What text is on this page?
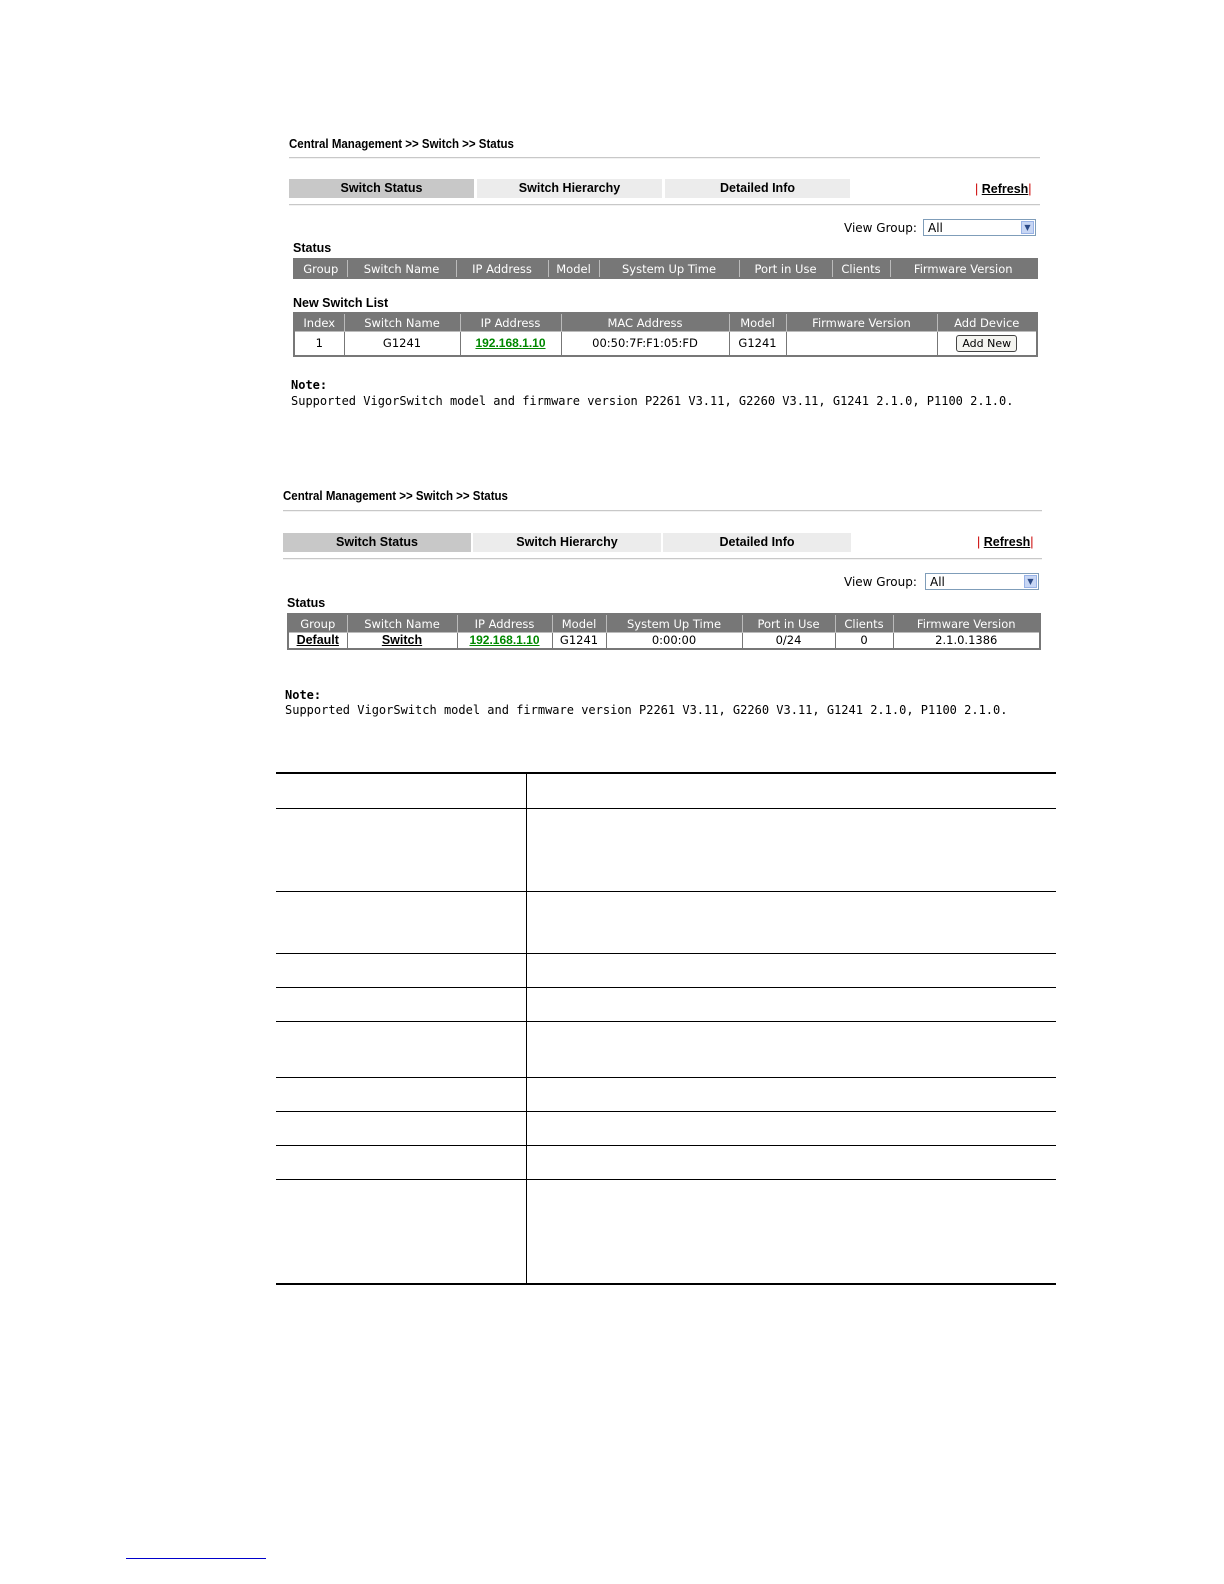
Central Management >> Switch >> Status
Switch Status	Switch Hierarchy	Detailed Info	| Refresh|
View Group: All	▼
Status
Group	Switch Name	IP Address	Model	System Up Time	Port in Use	Clients	Firmware Version
New Switch List
Index	Switch Name	IP Address	MAC Address	Model	Firmware Version	Add Device
1	G1241	192.168.1.10	00:50:7F:F1:05:FD	G1241		Add New
Note:
Supported VigorSwitch model and firmware version P2261 V3.11, G2260 V3.11, G1241 2.1.0, P1100 2.1.0.
Central Management >> Switch >> Status
Switch Status	Switch Hierarchy	Detailed Info	| Refresh|
View Group:	All	▼
Status
Group	Switch Name	IP Address	Model	System Up Time	Port in Use	Clients	Firmware Version
Default	Switch	192.168.1.10	G1241	0:00:00	0/24	0	2.1.0.1386
Note:
Supported VigorSwitch model and firmware version P2261 V3.11, G2260 V3.11, G1241 2.1.0, P1100 2.1.0.
